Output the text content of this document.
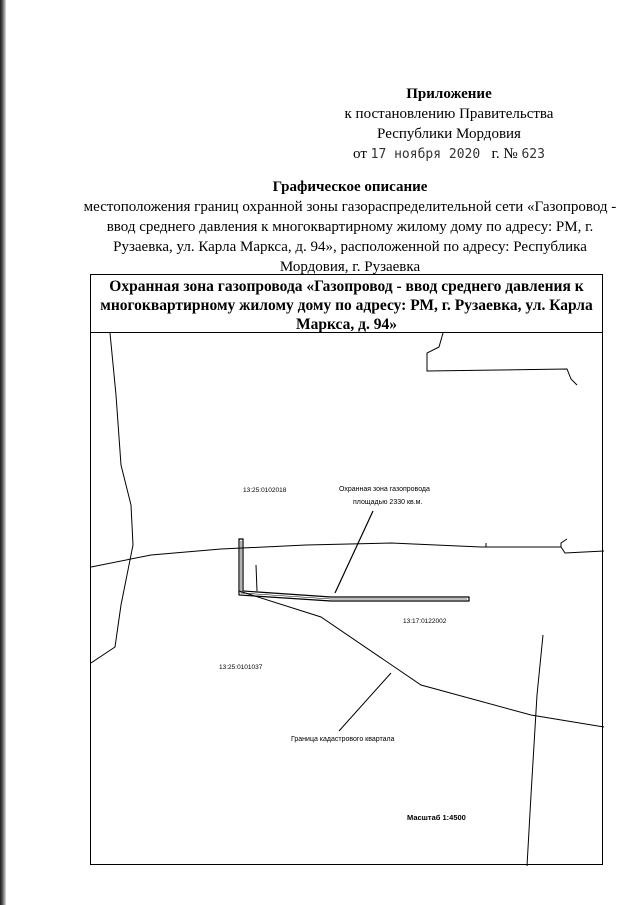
Приложение
к постановлению Правительства
Республики Мордовия
от 17 ноября 2020 г. № 623
Графическое описание
местоположения границ охранной зоны газораспределительной сети «Газопровод - ввод среднего давления к многоквартирному жилому дому по адресу: РМ, г. Рузаевка, ул. Карла Маркса, д. 94», расположенной по адресу: Республика Мордовия, г. Рузаевка
Охранная зона газопровода «Газопровод - ввод среднего давления к многоквартирному жилому дому по адресу: РМ, г. Рузаевка, ул. Карла Маркса, д. 94»
13:25:0102018
13:17:0122002
13:25:0101037
Охранная зона газопровода
площадью 2330 кв.м.
Граница кадастрового квартала
Масштаб 1:4500
